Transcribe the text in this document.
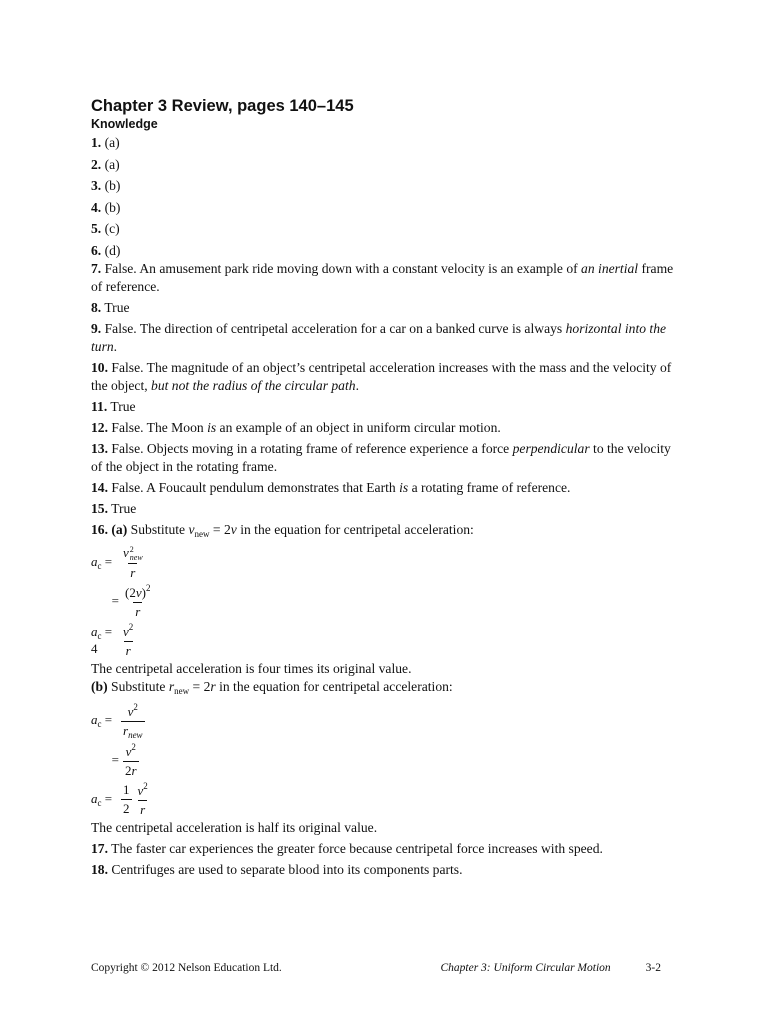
Chapter 3 Review, pages 140–145

Knowledge

1. (a)

2. (a)

3. (b)

4. (b)

5. (c)

6. (d)

7. False. An amusement park ride moving down with a constant velocity is an example of an inertial frame of reference.

8. True

9. False. The direction of centripetal acceleration for a car on a banked curve is always horizontal into the turn.

10. False. The magnitude of an object’s centripetal acceleration increases with the mass and the velocity of the object, but not the radius of the circular path.

11. True

12. False. The Moon is an example of an object in uniform circular motion.

13. False. Objects moving in a rotating frame of reference experience a force perpendicular to the velocity of the object in the rotating frame.

14. False. A Foucault pendulum demonstrates that Earth is a rotating frame of reference.

15. True

16. (a) Substitute $v_{new} = 2v$ in the equation for centripetal acceleration:

$a_c = v$ 2
new
r
= $\frac{(2v)^2}{r}$
$a_c = 4$	$\frac{v^2}{r}$

The centripetal acceleration is four times its original value.

(b) Substitute $r_{new} = 2r$ in the equation for centripetal acceleration:

$a_c = \frac{v^2}{r_{new}}$
= $\frac{v^2}{2r}$
$a_c = \frac{1}{2} \frac{v^2}{r}$

The centripetal acceleration is half its original value.

17. The faster car experiences the greater force because centripetal force increases with speed.

18. Centrifuges are used to separate blood into its components parts.

Copyright © 2012 Nelson Education Ltd.	Chapter 3: Uniform Circular Motion	3-2
